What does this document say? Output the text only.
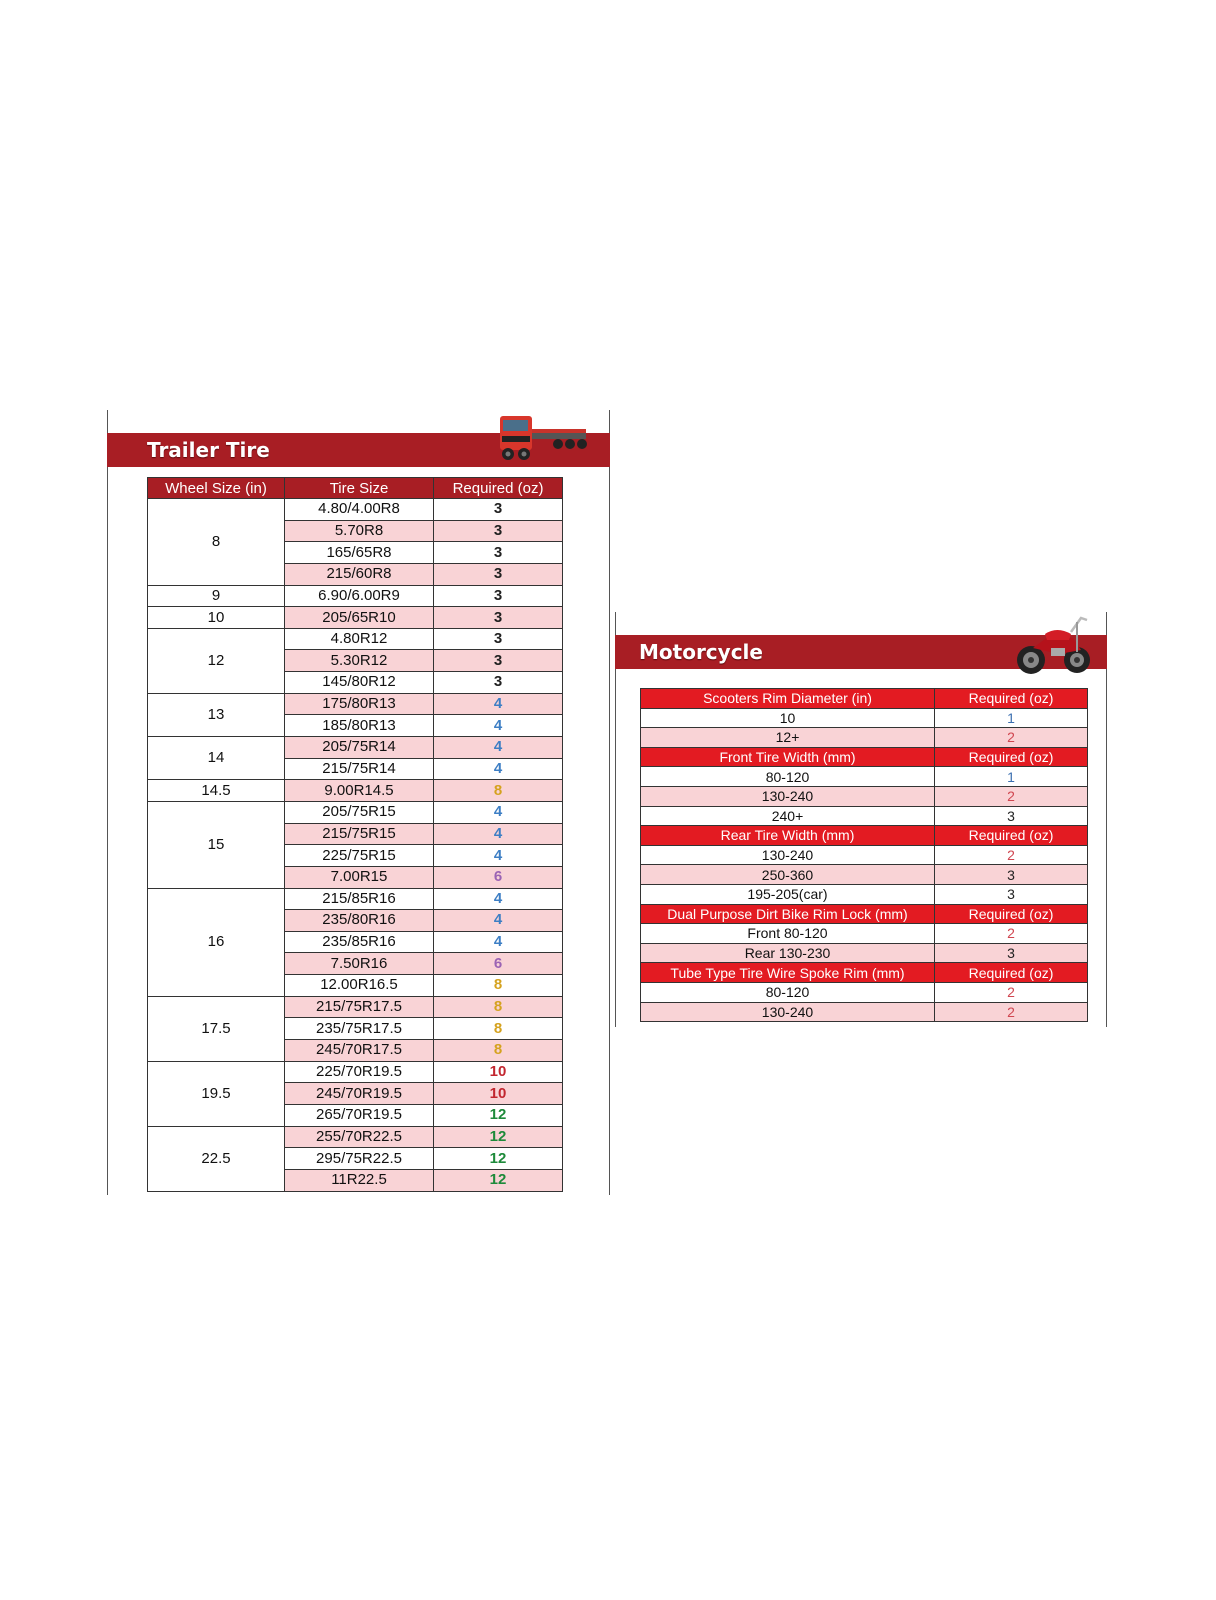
Trailer Tire
Wheel Size (in)	Tire Size	Required (oz)
8	4.80/4.00R8	3
	5.70R8	3
	165/65R8	3
	215/60R8	3
9	6.90/6.00R9	3
10	205/65R10	3
12	4.80R12	3
	5.30R12	3
	145/80R12	3
13	175/80R13	4
	185/80R13	4
14	205/75R14	4
	215/75R14	4
14.5	9.00R14.5	8
15	205/75R15	4
	215/75R15	4
	225/75R15	4
	7.00R15	6
16	215/85R16	4
	235/80R16	4
	235/85R16	4
	7.50R16	6
	12.00R16.5	8
17.5	215/75R17.5	8
	235/75R17.5	8
	245/70R17.5	8
19.5	225/70R19.5	10
	245/70R19.5	10
	265/70R19.5	12
22.5	255/70R22.5	12
	295/75R22.5	12
	11R22.5	12
Motorcycle
Scooters Rim Diameter (in)	Required (oz)
10	1
12+	2
Front Tire Width (mm)	Required (oz)
80-120	1
130-240	2
240+	3
Rear Tire Width (mm)	Required (oz)
130-240	2
250-360	3
195-205(car)	3
Dual Purpose Dirt Bike Rim Lock (mm)	Required (oz)
Front 80-120	2
Rear 130-230	3
Tube Type Tire Wire Spoke Rim (mm)	Required (oz)
80-120	2
130-240	2
